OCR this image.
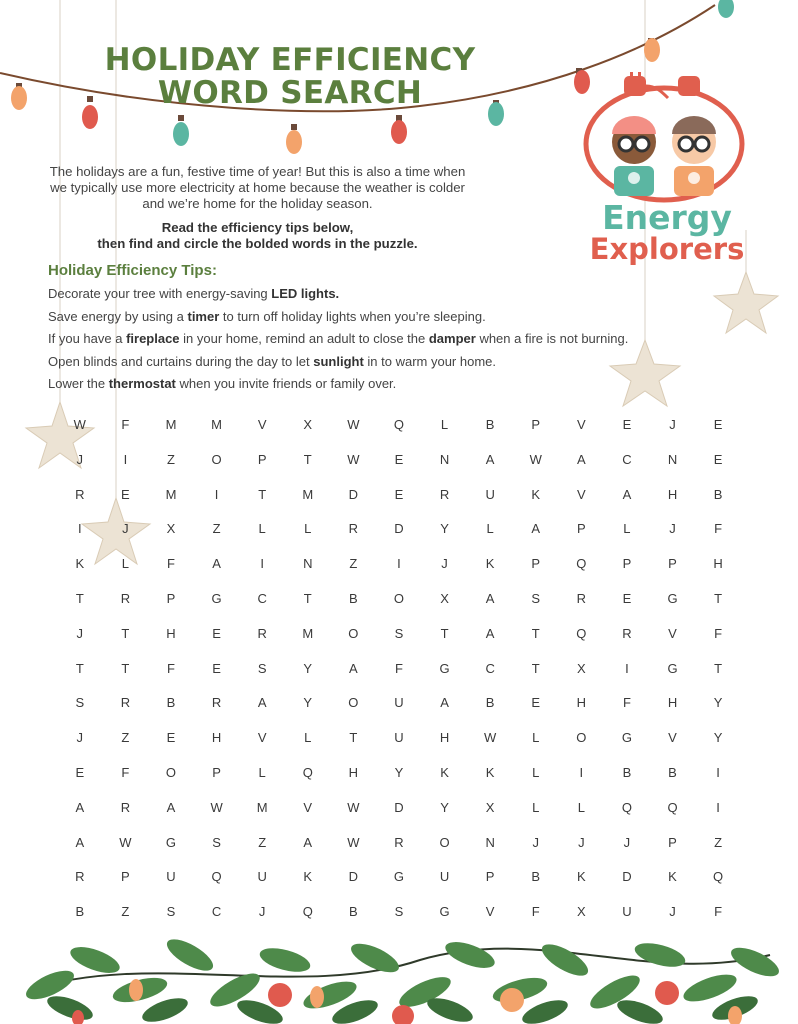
HOLIDAY EFFICIENCY
WORD SEARCH

The holidays are a fun, festive time of year! But this is also a time when we typically use more electricity at home because the weather is colder and we’re home for the holiday season.

Read the efficiency tips below,
then find and circle the bolded words in the puzzle.

Energy
Explorers
Holiday Efficiency Tips:
Decorate your tree with energy-saving LED lights.
Save energy by using a timer to turn off holiday lights when you’re sleeping.
If you have a fireplace in your home, remind an adult to close the damper when a fire is not burning.
Open blinds and curtains during the day to let sunlight in to warm your home.
Lower the thermostat when you invite friends or family over.
W	F	M	M	V	X	W	Q	L	B	P	V	E	J	E
J	I	Z	O	P	T	W	E	N	A	W	A	C	N	E
R	E	M	I	T	M	D	E	R	U	K	V	A	H	B
I	J	X	Z	L	L	R	D	Y	L	A	P	L	J	F
K	L	F	A	I	N	Z	I	J	K	P	Q	P	P	H
T	R	P	G	C	T	B	O	X	A	S	R	E	G	T
J	T	H	E	R	M	O	S	T	A	T	Q	R	V	F
T	T	F	E	S	Y	A	F	G	C	T	X	I	G	T
S	R	B	R	A	Y	O	U	A	B	E	H	F	H	Y
J	Z	E	H	V	L	T	U	H	W	L	O	G	V	Y
E	F	O	P	L	Q	H	Y	K	K	L	I	B	B	I
A	R	A	W	M	V	W	D	Y	X	L	L	Q	Q	I
A	W	G	S	Z	A	W	R	O	N	J	J	J	P	Z
R	P	U	Q	U	K	D	G	U	P	B	K	D	K	Q
B	Z	S	C	J	Q	B	S	G	V	F	X	U	J	F
